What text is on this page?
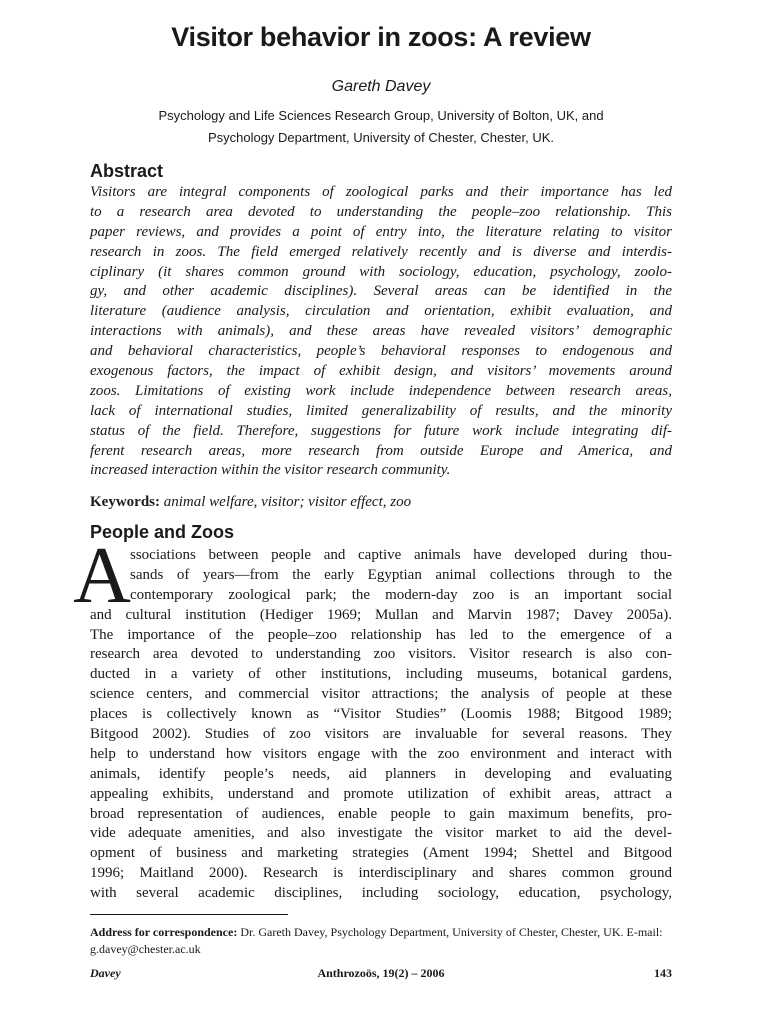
Visitor behavior in zoos: A review
Gareth Davey
Psychology and Life Sciences Research Group, University of Bolton, UK, and
Psychology Department, University of Chester, Chester, UK.
Abstract
Visitors are integral components of zoological parks and their importance has led
to a research area devoted to understanding the people–zoo relationship. This
paper reviews, and provides a point of entry into, the literature relating to visitor
research in zoos. The field emerged relatively recently and is diverse and interdis-
ciplinary (it shares common ground with sociology, education, psychology, zoolo-
gy, and other academic disciplines). Several areas can be identified in the
literature (audience analysis, circulation and orientation, exhibit evaluation, and
interactions with animals), and these areas have revealed visitors’ demographic
and behavioral characteristics, people’s behavioral responses to endogenous and
exogenous factors, the impact of exhibit design, and visitors’ movements around
zoos. Limitations of existing work include independence between research areas,
lack of international studies, limited generalizability of results, and the minority
status of the field. Therefore, suggestions for future work include integrating dif-
ferent research areas, more research from outside Europe and America, and
increased interaction within the visitor research community.
Keywords: animal welfare, visitor; visitor effect, zoo
People and Zoos
A ssociations between people and captive animals have developed during thou-
sands of years—from the early Egyptian animal collections through to the
contemporary zoological park; the modern-day zoo is an important social
and cultural institution (Hediger 1969; Mullan and Marvin 1987; Davey 2005a).
The importance of the people–zoo relationship has led to the emergence of a
research area devoted to understanding zoo visitors. Visitor research is also con-
ducted in a variety of other institutions, including museums, botanical gardens,
science centers, and commercial visitor attractions; the analysis of people at these
places is collectively known as “Visitor Studies” (Loomis 1988; Bitgood 1989;
Bitgood 2002). Studies of zoo visitors are invaluable for several reasons. They
help to understand how visitors engage with the zoo environment and interact with
animals, identify people’s needs, aid planners in developing and evaluating
appealing exhibits, understand and promote utilization of exhibit areas, attract a
broad representation of audiences, enable people to gain maximum benefits, pro-
vide adequate amenities, and also investigate the visitor market to aid the devel-
opment of business and marketing strategies (Ament 1994; Shettel and Bitgood
1996; Maitland 2000). Research is interdisciplinary and shares common ground
with several academic disciplines, including sociology, education, psychology,
Address for correspondence: Dr. Gareth Davey, Psychology Department, University of Chester, Chester, UK. E-mail: g.davey@chester.ac.uk
Davey	Anthrozoös, 19(2) – 2006	143
